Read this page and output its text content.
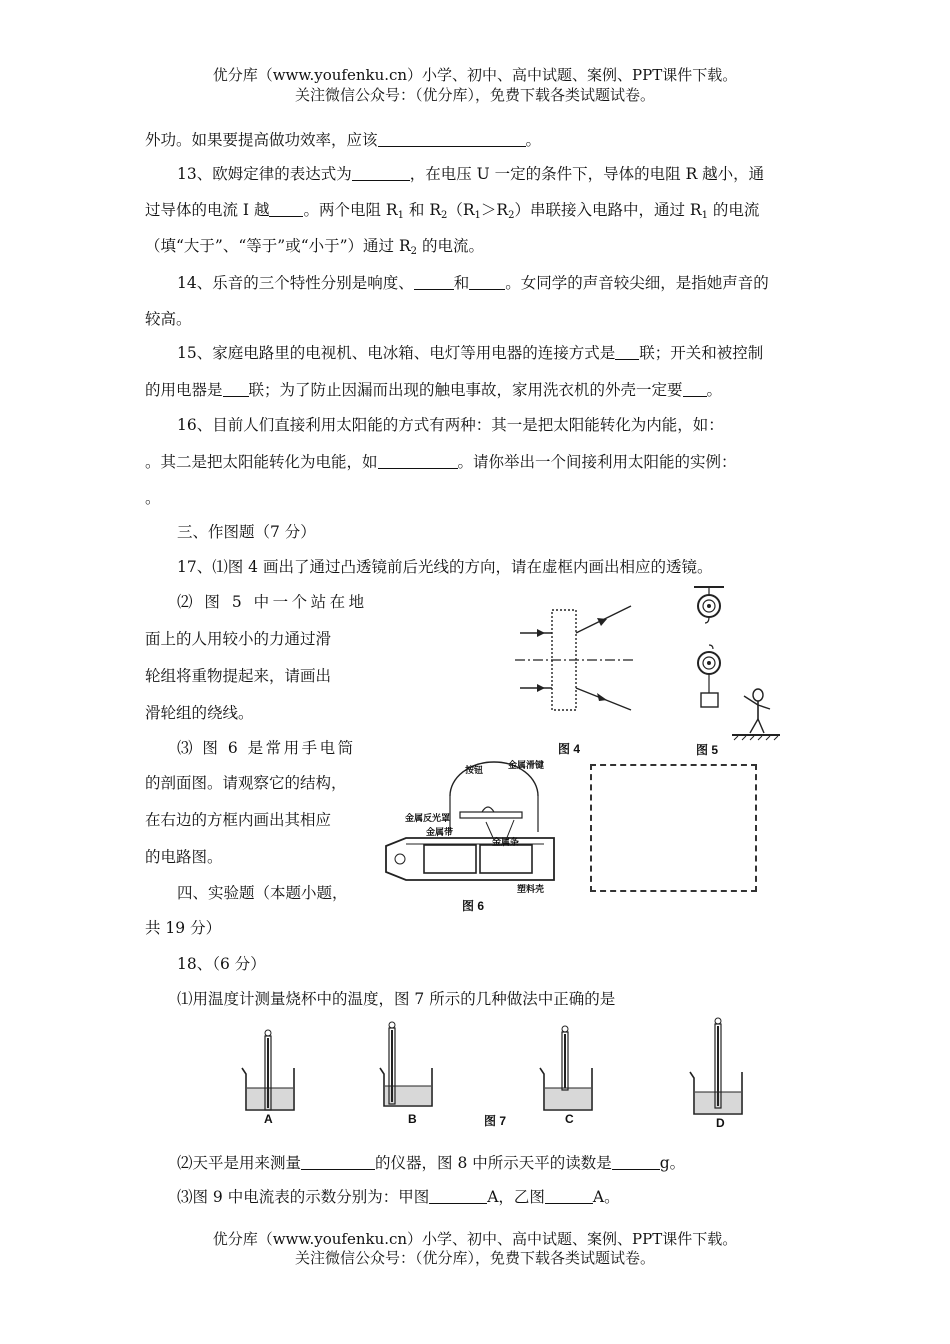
优分库（www.youfenku.cn）小学、初中、高中试题、案例、PPT课件下载。
关注微信公众号：（优分库），免费下载各类试题试卷。
外功。如果要提高做功效率，应该	。
13、欧姆定律的表达式为	，在电压 U 一定的条件下，导体的电阻 R 越小，通
过导体的电流 I 越 。两个电阻 $R_1$ 和 $R_2(R_1>R_2)$串联接入电路中，通过 $R_1$ 的电流
（填“大于”、“等于”或“小于”）通过 $R_2$ 的电流。
14、乐音的三个特性分别是响度、	和 。女同学的声音较尖细，是指她声音的
较高。
15、家庭电路里的电视机、电冰箱、电灯等用电器的连接方式是 联；开关和被控制
的用电器是 联；为了防止因漏而出现的触电事故，家用洗衣机的外壳一定要 。
16、目前人们直接利用太阳能的方式有两种：其一是把太阳能转化为内能，如：
。其二是把太阳能转化为电能，如	。请你举出一个间接利用太阳能的实例：
。
三、作图题（7 分）
17、⑴图 4 画出了通过凸透镜前后光线的方向，请在虚框内画出相应的透镜。
⑵ 图 5 中一个站在地
面上的人用较小的力通过滑
轮组将重物提起来，请画出
滑轮组的绕线。
⑶ 图 6 是常用手电筒
的剖面图。请观察它的结构，
在右边的方框内画出其相应
的电路图。
四、实验题（本题小题，
共 19 分）
图 4	图 5
按钮	金属滑键
金属反光罩
金属带
金属条
塑料壳
图 6
18、（6 分）
⑴用温度计测量烧杯中的温度，图 7 所示的几种做法中正确的是
A	B	C	D
图 7
⑵天平是用来测量	的仪器，图 8 中所示天平的读数是	g。
⑶图 9 中电流表的示数分别为：甲图	A，乙图	A。
优分库（www.youfenku.cn）小学、初中、高中试题、案例、PPT课件下载。
关注微信公众号：（优分库），免费下载各类试题试卷。
